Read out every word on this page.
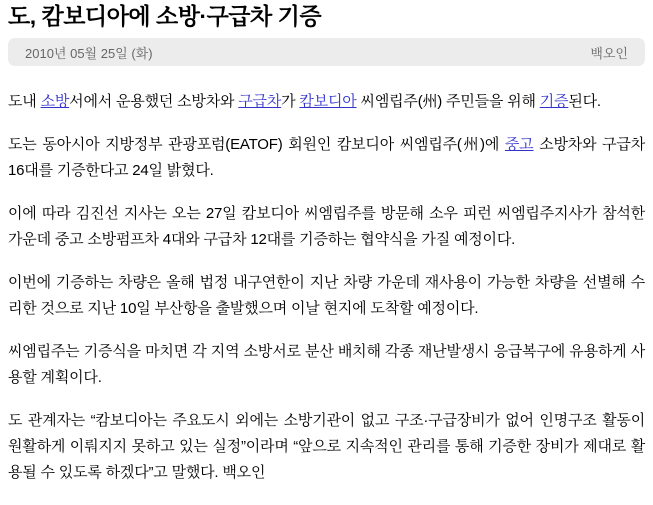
도, 캄보디아에 소방·구급차 기증
2010년 05월 25일 (화)	백오인

도내 소방서에서 운용했던 소방차와 구급차가 캄보디아 씨엠립주(州) 주민들을 위해 기증된다.

도는 동아시아 지방정부 관광포럼(EATOF) 회원인 캄보디아 씨엠립주(州)에 중고 소방차와 구급차 16대를 기증한다고 24일 밝혔다.

이에 따라 김진선 지사는 오는 27일 캄보디아 씨엠립주를 방문해 소우 피런 씨엠립주지사가 참석한 가운데 중고 소방펌프차 4대와 구급차 12대를 기증하는 협약식을 가질 예정이다.

이번에 기증하는 차량은 올해 법정 내구연한이 지난 차량 가운데 재사용이 가능한 차량을 선별해 수리한 것으로 지난 10일 부산항을 출발했으며 이날 현지에 도착할 예정이다.

씨엠립주는 기증식을 마치면 각 지역 소방서로 분산 배치해 각종 재난발생시 응급복구에 유용하게 사용할 계획이다.

도 관계자는 “캄보디아는 주요도시 외에는 소방기관이 없고 구조·구급장비가 없어 인명구조 활동이 원활하게 이뤄지지 못하고 있는 실정”이라며 “앞으로 지속적인 관리를 통해 기증한 장비가 제대로 활용될 수 있도록 하겠다”고 말했다. 백오인
